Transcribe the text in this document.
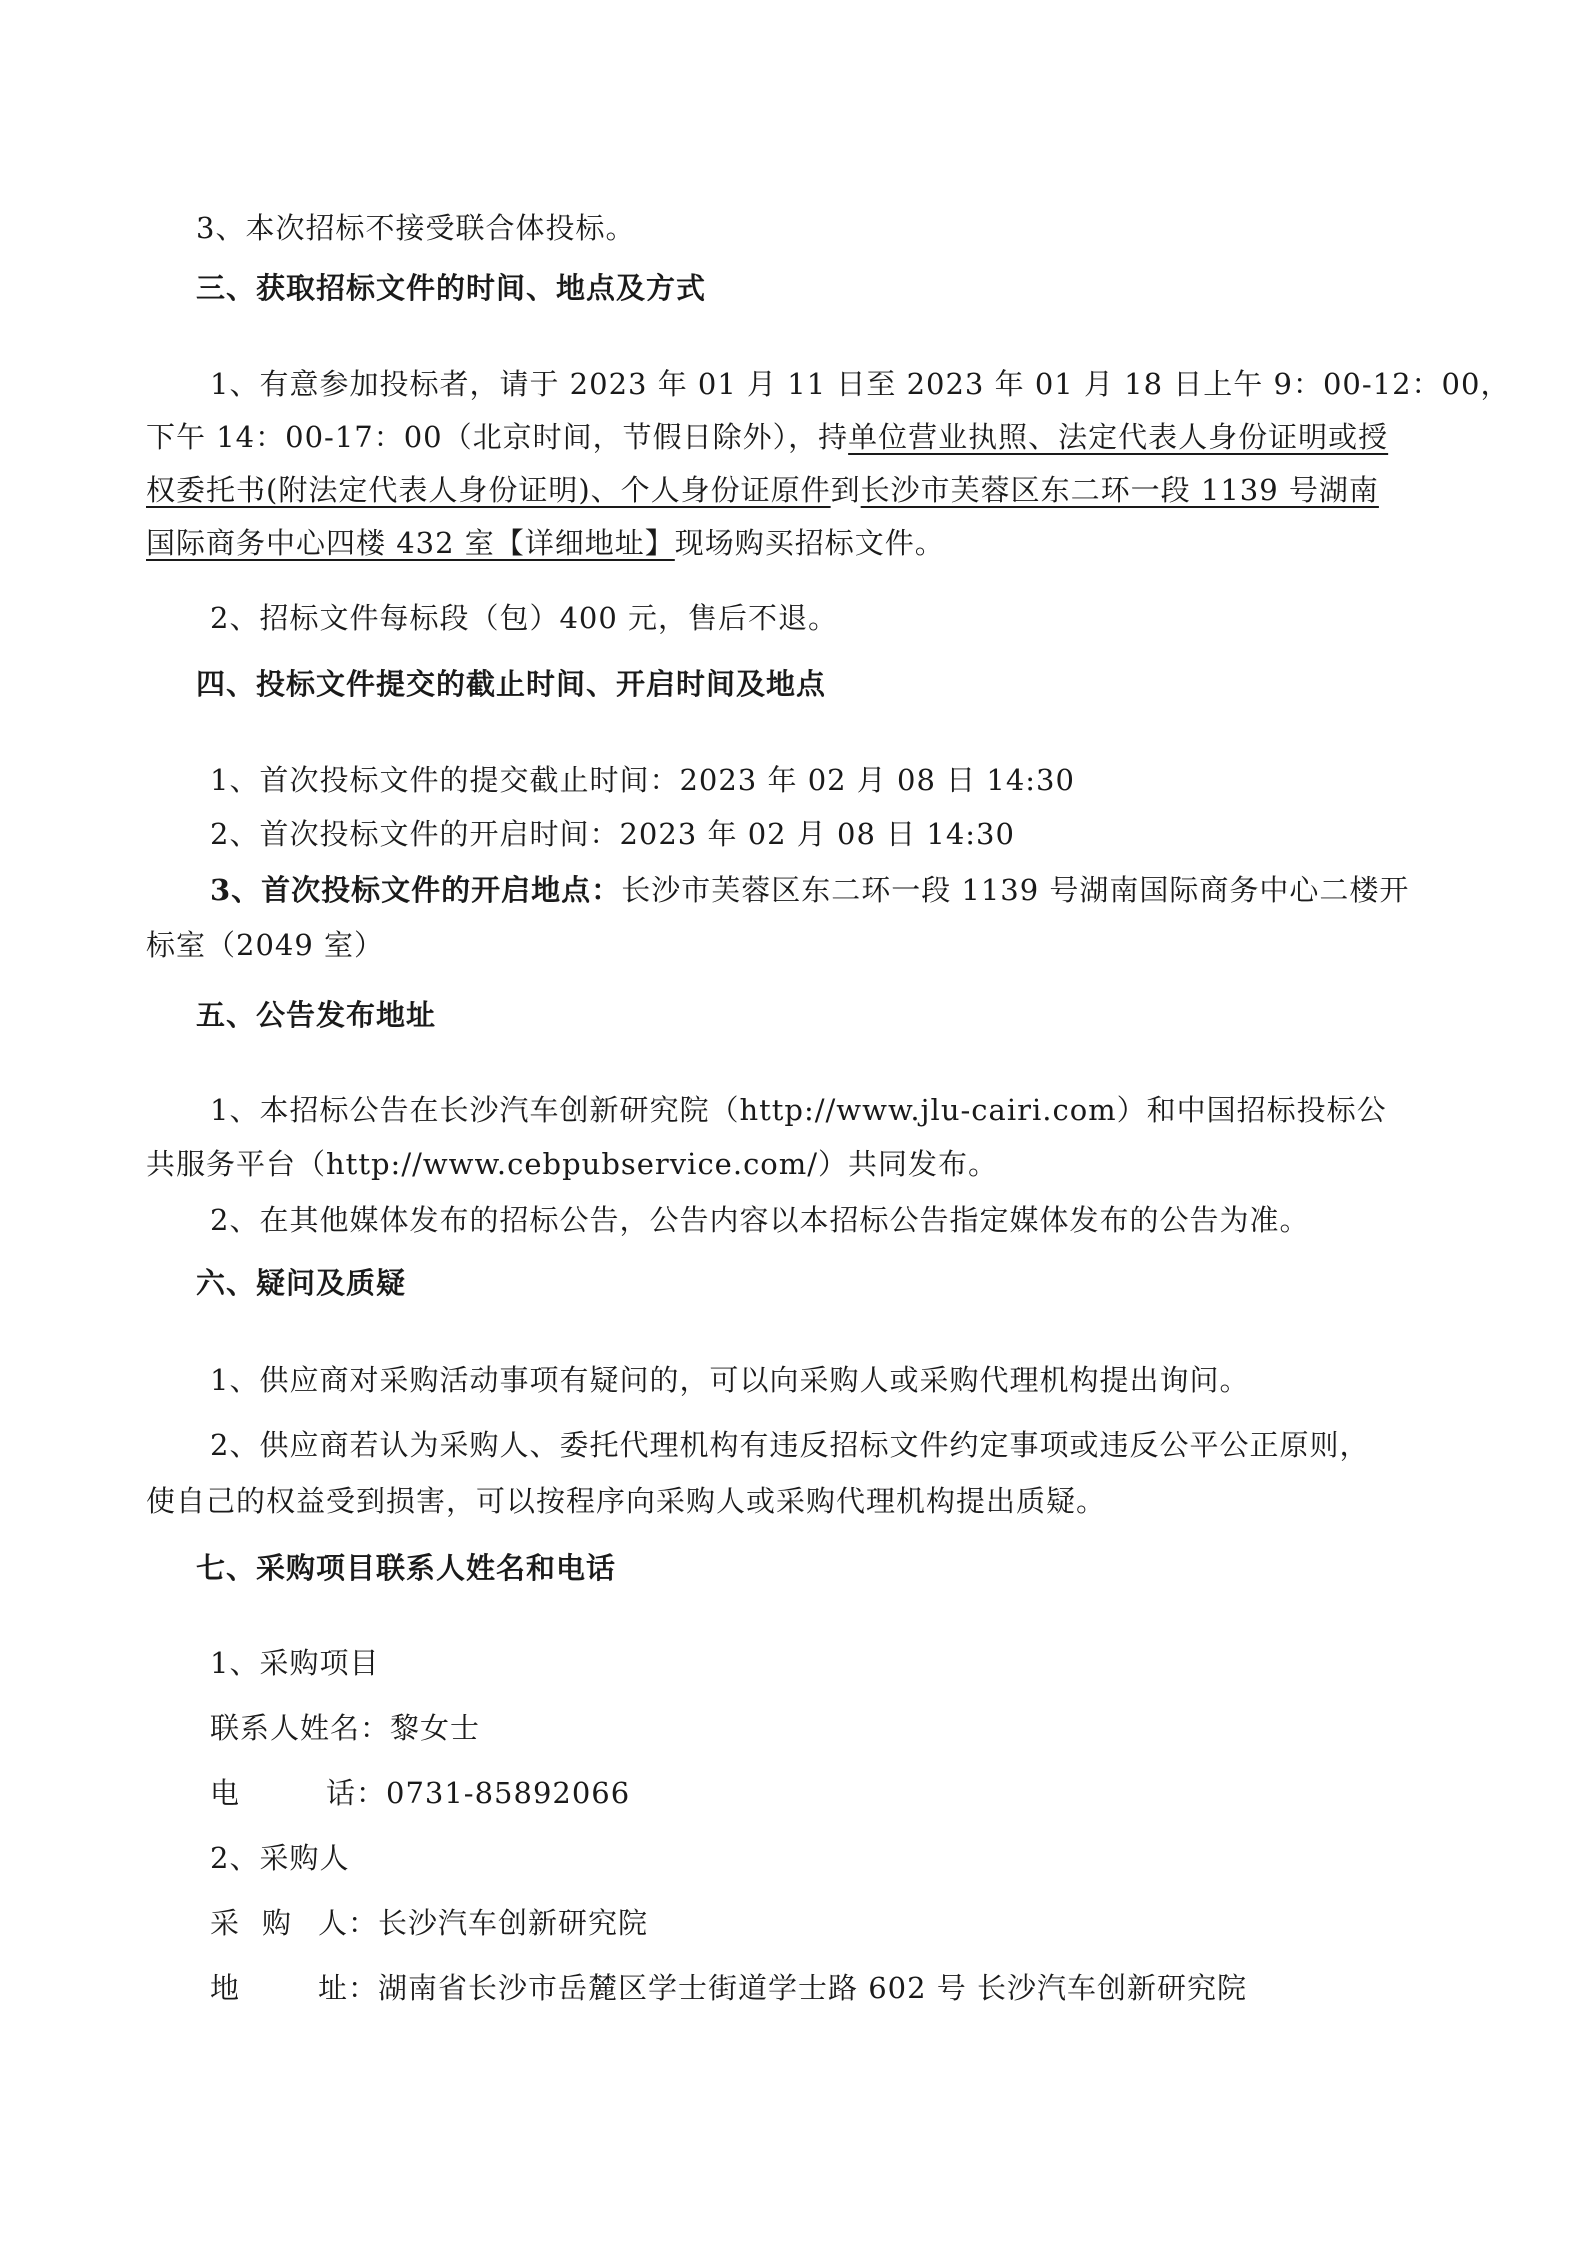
3、本次招标不接受联合体投标。
三、获取招标文件的时间、地点及方式
1、有意参加投标者，请于 2023 年 01 月 11 日至 2023 年 01 月 18 日上午 9：00-12：00，
下午 14：00-17：00（北京时间，节假日除外），持单位营业执照、法定代表人身份证明或授
权委托书(附法定代表人身份证明)、个人身份证原件到长沙市芙蓉区东二环一段 1139 号湖南
国际商务中心四楼 432 室【详细地址】现场购买招标文件。
2、招标文件每标段（包）400 元，售后不退。
四、投标文件提交的截止时间、开启时间及地点
1、首次投标文件的提交截止时间：2023 年 02 月 08 日 14:30
2、首次投标文件的开启时间：2023 年 02 月 08 日 14:30
3、首次投标文件的开启地点：长沙市芙蓉区东二环一段 1139 号湖南国际商务中心二楼开
标室（2049 室）
五、公告发布地址
1、本招标公告在长沙汽车创新研究院（http://www.jlu-cairi.com）和中国招标投标公
共服务平台（http://www.cebpubservice.com/）共同发布。
2、在其他媒体发布的招标公告，公告内容以本招标公告指定媒体发布的公告为准。
六、疑问及质疑
1、供应商对采购活动事项有疑问的，可以向采购人或采购代理机构提出询问。
2、供应商若认为采购人、委托代理机构有违反招标文件约定事项或违反公平公正原则，
使自己的权益受到损害，可以按程序向采购人或采购代理机构提出质疑。
七、采购项目联系人姓名和电话
1、采购项目
联系人姓名：黎女士
电	话：0731-85892066
2、采购人
采 购 人：长沙汽车创新研究院
地	址：湖南省长沙市岳麓区学士街道学士路 602 号 长沙汽车创新研究院
